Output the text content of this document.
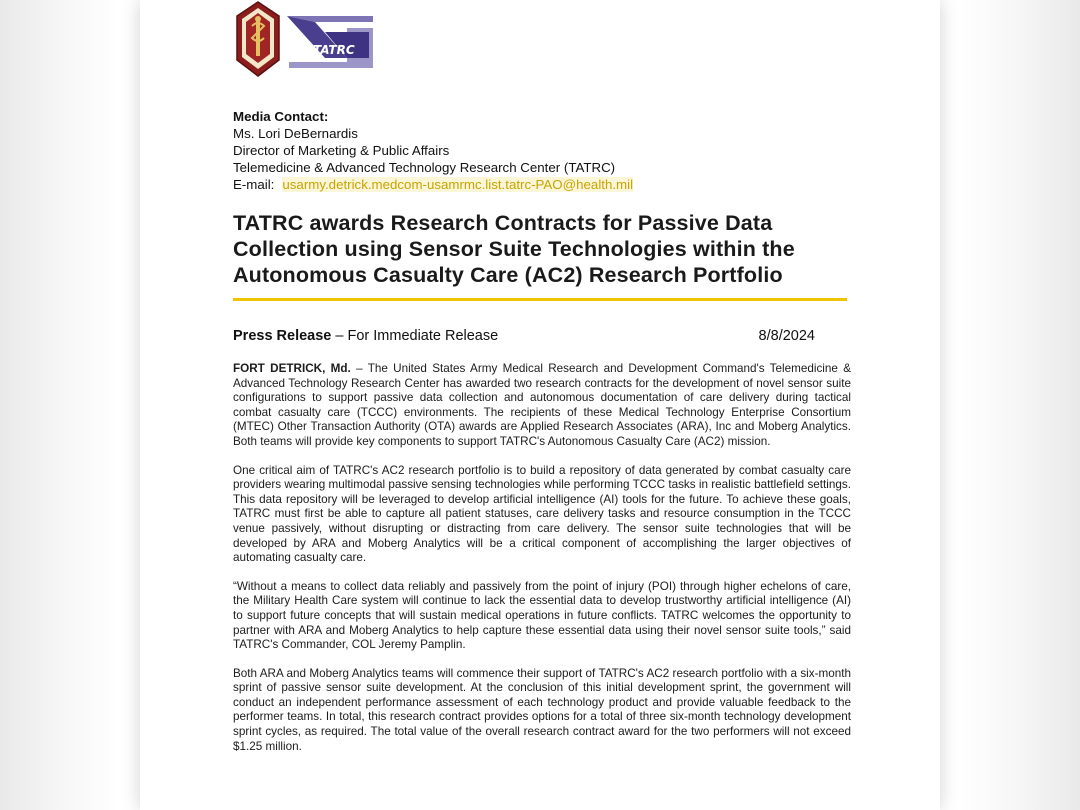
TATRC
Media Contact:
Ms. Lori DeBernardis
Director of Marketing & Public Affairs
Telemedicine & Advanced Technology Research Center (TATRC)
E-mail: usarmy.detrick.medcom-usamrmc.list.tatrc-PAO@health.mil
TATRC awards Research Contracts for Passive Data Collection using Sensor Suite Technologies within the Autonomous Casualty Care (AC2) Research Portfolio
Press Release – For Immediate Release	8/8/2024

FORT DETRICK, Md. – The United States Army Medical Research and Development Command's Telemedicine & Advanced Technology Research Center has awarded two research contracts for the development of novel sensor suite configurations to support passive data collection and autonomous documentation of care delivery during tactical combat casualty care (TCCC) environments. The recipients of these Medical Technology Enterprise Consortium (MTEC) Other Transaction Authority (OTA) awards are Applied Research Associates (ARA), Inc and Moberg Analytics. Both teams will provide key components to support TATRC's Autonomous Casualty Care (AC2) mission.

One critical aim of TATRC's AC2 research portfolio is to build a repository of data generated by combat casualty care providers wearing multimodal passive sensing technologies while performing TCCC tasks in realistic battlefield settings. This data repository will be leveraged to develop artificial intelligence (AI) tools for the future. To achieve these goals, TATRC must first be able to capture all patient statuses, care delivery tasks and resource consumption in the TCCC venue passively, without disrupting or distracting from care delivery. The sensor suite technologies that will be developed by ARA and Moberg Analytics will be a critical component of accomplishing the larger objectives of automating casualty care.

“Without a means to collect data reliably and passively from the point of injury (POI) through higher echelons of care, the Military Health Care system will continue to lack the essential data to develop trustworthy artificial intelligence (AI) to support future concepts that will sustain medical operations in future conflicts. TATRC welcomes the opportunity to partner with ARA and Moberg Analytics to help capture these essential data using their novel sensor suite tools,” said TATRC's Commander, COL Jeremy Pamplin.

Both ARA and Moberg Analytics teams will commence their support of TATRC's AC2 research portfolio with a six-month sprint of passive sensor suite development. At the conclusion of this initial development sprint, the government will conduct an independent performance assessment of each technology product and provide valuable feedback to the performer teams. In total, this research contract provides options for a total of three six-month technology development sprint cycles, as required. The total value of the overall research contract award for the two performers will not exceed $1.25 million.
